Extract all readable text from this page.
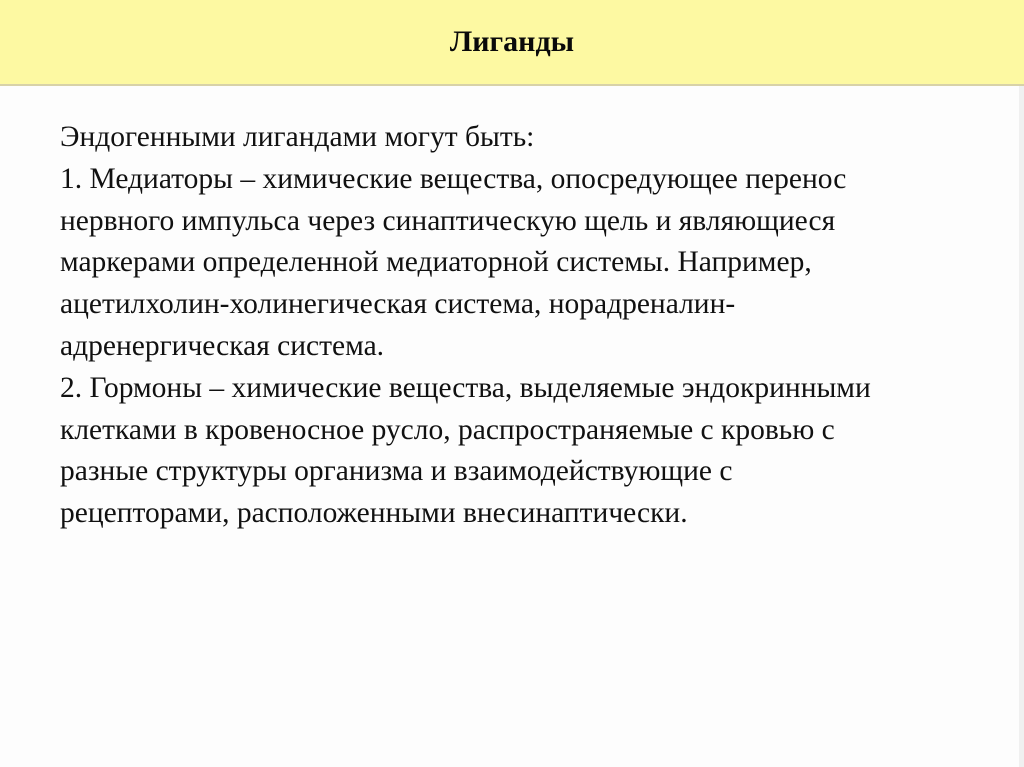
Лиганды
Эндогенными лигандами могут быть:
1. Медиаторы – химические вещества, опосредующее перенос
нервного импульса через синаптическую щель и являющиеся
маркерами определенной медиаторной системы. Например,
ацетилхолин-холинегическая система, норадреналин-
адренергическая система.
2. Гормоны – химические вещества, выделяемые эндокринными
клетками в кровеносное русло, распространяемые с кровью с
разные структуры организма и взаимодействующие с
рецепторами, расположенными внесинаптически.
